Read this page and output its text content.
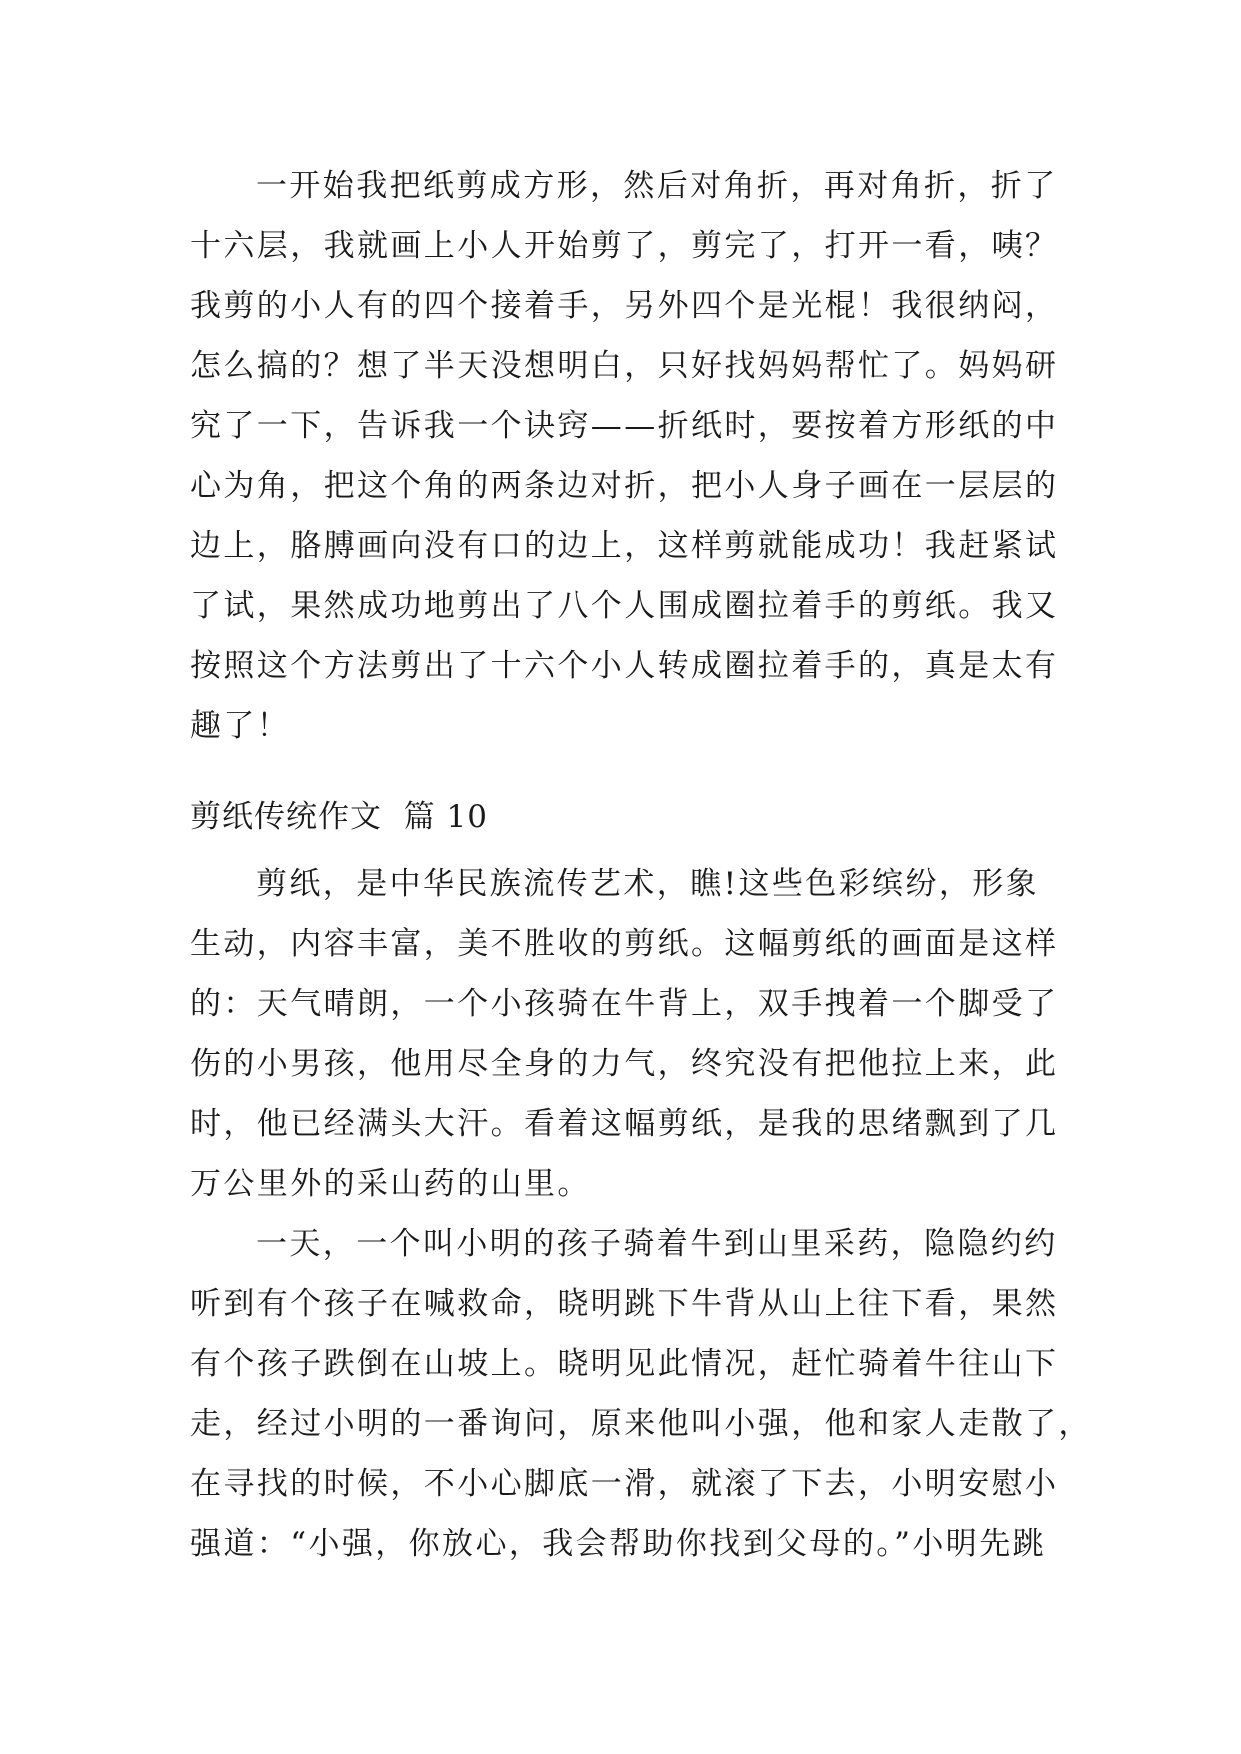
一开始我把纸剪成方形，然后对角折，再对角折，折了
十六层，我就画上小人开始剪了，剪完了，打开一看，咦？
我剪的小人有的四个接着手，另外四个是光棍！我很纳闷，
怎么搞的？想了半天没想明白，只好找妈妈帮忙了。妈妈研
究了一下，告诉我一个诀窍——折纸时，要按着方形纸的中
心为角，把这个角的两条边对折，把小人身子画在一层层的
边上，胳膊画向没有口的边上，这样剪就能成功！我赶紧试
了试，果然成功地剪出了八个人围成圈拉着手的剪纸。我又
按照这个方法剪出了十六个小人转成圈拉着手的，真是太有
趣了！
剪纸传统作文  篇 10
剪纸，是中华民族流传艺术，瞧!这些色彩缤纷，形象
生动，内容丰富，美不胜收的剪纸。这幅剪纸的画面是这样
的：天气晴朗，一个小孩骑在牛背上，双手拽着一个脚受了
伤的小男孩，他用尽全身的力气，终究没有把他拉上来，此
时，他已经满头大汗。看着这幅剪纸，是我的思绪飘到了几
万公里外的采山药的山里。
一天，一个叫小明的孩子骑着牛到山里采药，隐隐约约
听到有个孩子在喊救命，晓明跳下牛背从山上往下看，果然
有个孩子跌倒在山坡上。晓明见此情况，赶忙骑着牛往山下
走，经过小明的一番询问，原来他叫小强，他和家人走散了，
在寻找的时候，不小心脚底一滑，就滚了下去，小明安慰小
强道：“小强，你放心，我会帮助你找到父母的。”小明先跳
